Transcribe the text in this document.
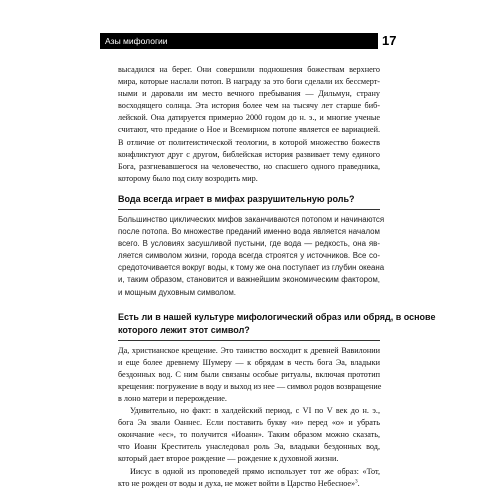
Азы мифологии	17

высадился на берег. Они совершили подношения божествам верхнего

мира, которые наслали потоп. В награду за это боги сделали их бессмерт-

ными и даровали им место вечного пребывания — Дильмун, страну

восходящего солнца. Эта история более чем на тысячу лет старше биб-

лейской. Она датируется примерно 2000 годом до н. э., и многие ученые

считают, что предание о Ное и Всемирном потопе является ее вариацией.

В отличие от политеистической теологии, в которой множество божеств

конфликтуют друг с другом, библейская история развивает тему единого

Бога, разгневавшегося на человечество, но спасшего одного праведника,

которому было под силу возродить мир.

Вода всегда играет в мифах разрушительную роль?
Большинство циклических мифов заканчиваются потопом и начинаются
после потопа. Во множестве преданий именно вода является началом
всего. В условиях засушливой пустыни, где вода — редкость, она яв-
ляется символом жизни, города всегда строятся у источников. Все со-
средоточивается вокруг воды, к тому же она поступает из глубин океана
и, таким образом, становится и важнейшим экономическим фактором,
и мощным духовным символом.
Есть ли в нашей культуре мифологический образ или обряд, в основе
которого лежит этот символ?

Да, христианское крещение. Это таинство восходит к древней Вавилонии

и еще более древнему Шумеру — к обрядам в честь бога Эа, владыки

бездонных вод. С ним были связаны особые ритуалы, включая прототип

крещения: погружение в воду и выход из нее — символ родов возвращение

в лоно матери и перерождение.

Удивительно, но факт: в халдейский период, с VI по V век до н. э.,

бога Эа звали Оаннес. Если поставить букву «и» перед «о» и убрать

окончание «ес», то получится «Иоанн». Таким образом можно сказать,

что Иоанн Креститель унаследовал роль Эа, владыки бездонных вод,

который дает второе рождение — рождение к духовной жизни.

Иисус в одной из проповедей прямо использует тот же образ: «Тот,

кто не рожден от воды и духа, не может войти в Царство Небесное»$^3$.
